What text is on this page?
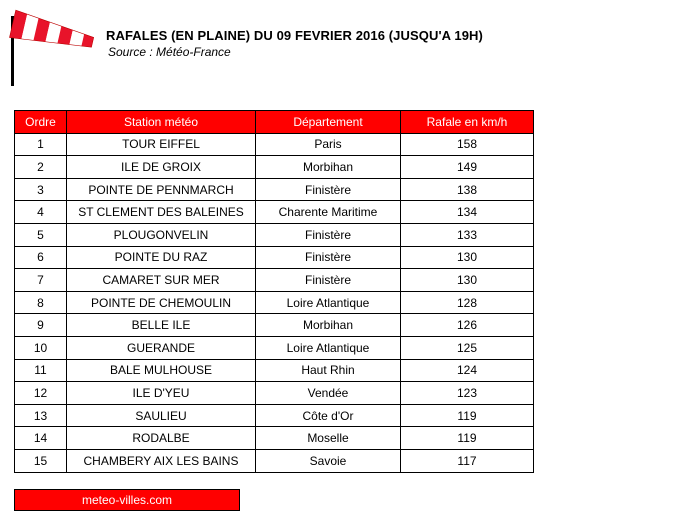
RAFALES (EN PLAINE) DU 09 FEVRIER 2016 (JUSQU'A 19H)
Source : Météo-France
Ordre	Station météo	Département	Rafale en km/h
1	TOUR EIFFEL	Paris	158
2	ILE DE GROIX	Morbihan	149
3	POINTE DE PENNMARCH	Finistère	138
4	ST CLEMENT DES BALEINES	Charente Maritime	134
5	PLOUGONVELIN	Finistère	133
6	POINTE DU RAZ	Finistère	130
7	CAMARET SUR MER	Finistère	130
8	POINTE DE CHEMOULIN	Loire Atlantique	128
9	BELLE ILE	Morbihan	126
10	GUERANDE	Loire Atlantique	125
11	BALE MULHOUSE	Haut Rhin	124
12	ILE D'YEU	Vendée	123
13	SAULIEU	Côte d'Or	119
14	RODALBE	Moselle	119
15	CHAMBERY AIX LES BAINS	Savoie	117
meteo-villes.com
